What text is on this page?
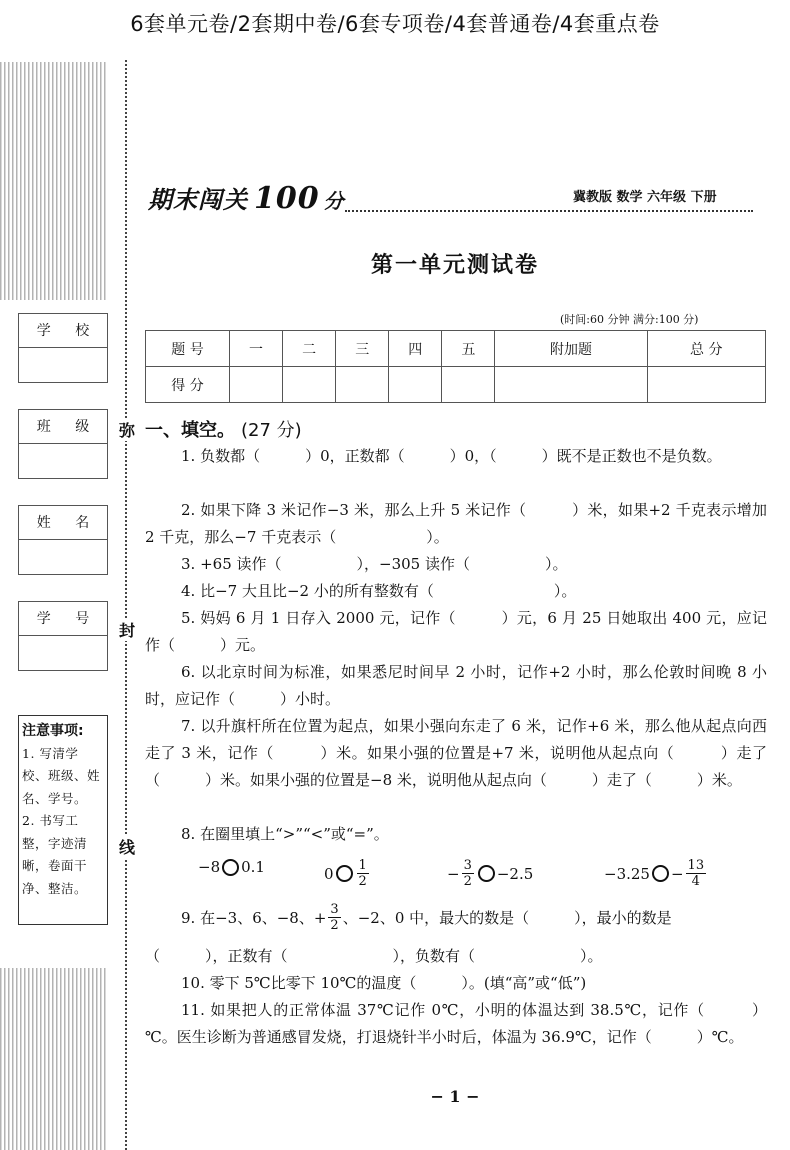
6套单元卷/2套期中卷/6套专项卷/4套普通卷/4套重点卷
弥
封
线
学 校
班 级
姓 名
学 号
注意事项:

1. 写清学校、班级、姓名、学号。

2. 书写工整，字迹清晰，卷面干净、整洁。

期末闯关 100 分	冀教版 数学 六年级 下册
第一单元测试卷
(时间:60 分钟 满分:100 分)
题 号	一	二	三	四	五	附加题	总 分
得 分							
一、填空。 (27 分)
1. 负数都（　　　）0，正数都（　　　）0，（　　　）既不是正数也不是负数。
2. 如果下降 3 米记作−3 米，那么上升 5 米记作（　　　）米，如果+2 千克表示增加 2 千克，那么−7 千克表示（　　　　　　）。
3. +65 读作（　　　　　），−305 读作（　　　　　）。
4. 比−7 大且比−2 小的所有整数有（　　　　　　　　）。
5. 妈妈 6 月 1 日存入 2000 元，记作（　　　）元，6 月 25 日她取出 400 元，应记作（　　　）元。
6. 以北京时间为标准，如果悉尼时间早 2 小时，记作+2 小时，那么伦敦时间晚 8 小时，应记作（　　　）小时。
7. 以升旗杆所在位置为起点，如果小强向东走了 6 米，记作+6 米，那么他从起点向西走了 3 米，记作（　　　）米。如果小强的位置是+7 米，说明他从起点向（　　　）走了（　　　）米。如果小强的位置是−8 米，说明他从起点向（　　　）走了（　　　）米。
8. 在圈里填上“>”“<”或“=”。
−8 0.1	$0 \frac{1}{2}$	− $\frac{3}{2} -2.5$	$-3.25 - \frac{13}{4}$
9. 在−3、6、−8、+ $\frac{3}{2}$ 、−2、0 中，最大的数是（　　　），最小的数是
（　　　），正数有（　　　　　　　），负数有（　　　　　　　）。
10. 零下 5℃比零下 10℃的温度（　　　）。(填“高”或“低”)
11. 如果把人的正常体温 37℃记作 0℃，小明的体温达到 38.5℃，记作（　　　）℃。医生诊断为普通感冒发烧，打退烧针半小时后，体温为 36.9℃，记作（　　　）℃。
− 1 −
